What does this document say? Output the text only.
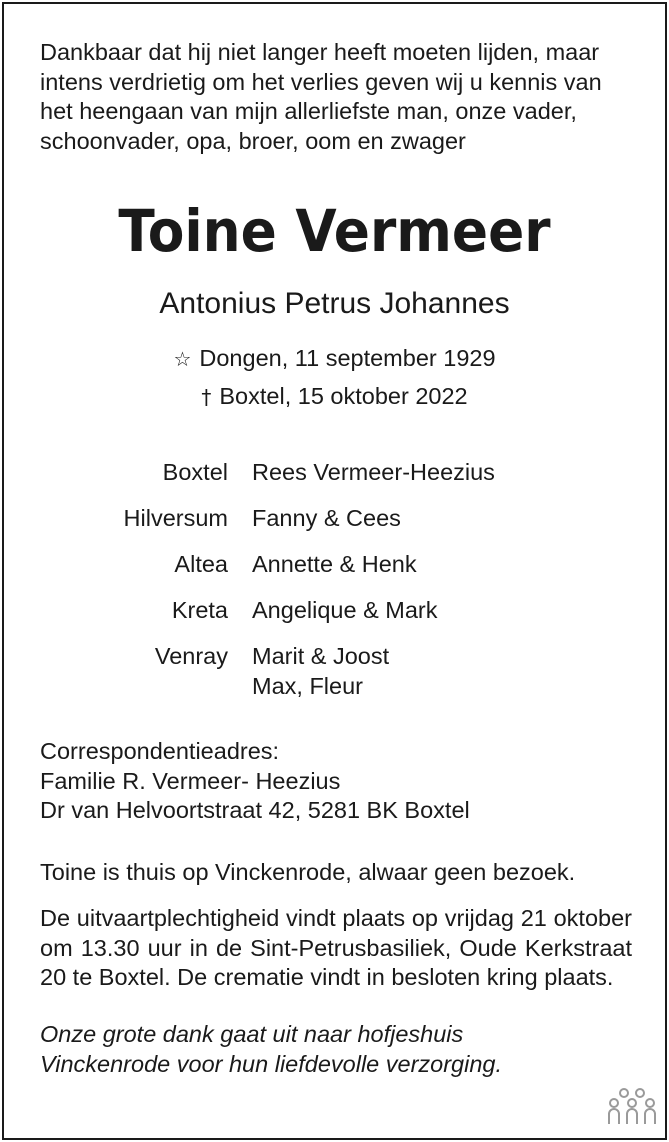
Dankbaar dat hij niet langer heeft moeten lijden, maar intens verdrietig om het verlies geven wij u kennis van het heengaan van mijn allerliefste man, onze vader, schoonvader, opa, broer, oom en zwager

Toine Vermeer
Antonius Petrus Johannes
☆ Dongen, 11 september 1929
† Boxtel, 15 oktober 2022
Boxtel Rees Vermeer-Heezius
Hilversum Fanny & Cees
Altea Annette & Henk
Kreta Angelique & Mark
Venray Marit & Joost
Max, Fleur
Correspondentieadres:
Familie R. Vermeer- Heezius
Dr van Helvoortstraat 42, 5281 BK Boxtel

Toine is thuis op Vinckenrode, alwaar geen bezoek.

De uitvaartplechtigheid vindt plaats op vrijdag 21 oktober om 13.30 uur in de Sint-Petrusbasiliek, Oude Kerkstraat 20 te Boxtel. De crematie vindt in besloten kring plaats.

Onze grote dank gaat uit naar hofjeshuis Vinckenrode voor hun liefdevolle verzorging.
